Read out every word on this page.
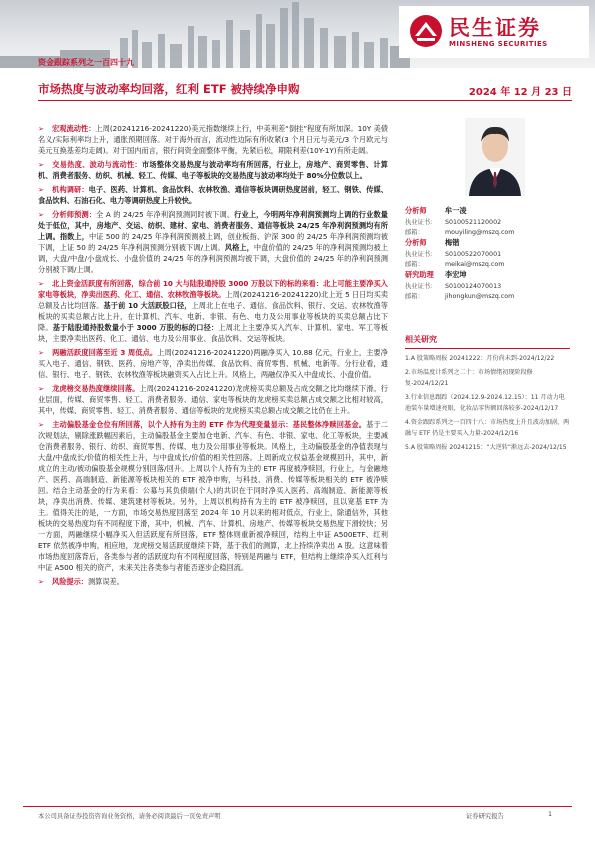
民生证券
MINSHENG SECURITIES
资金跟踪系列之一百四十九
市场热度与波动率均回落，红利 ETF 被持续净申购	2024 年 12 月 23 日
➢ 宏观流动性：上周(20241216-20241220)美元指数继续上行，中美利差“倒挂”程度有所加深。10Y 美债名义/实际利率均上升，通胀预期回落。对于海外而言，流动性边际有所收紧(3 个月日元与美元/3 个月欧元与美元互换基差均走阔)。对于国内而言，银行间资金面整体平衡，先紧后松，期限利差(10Y-1Y)有所走阔。
➢ 交易热度、波动与流动性：市场整体交易热度与波动率均有所回落，行业上，房地产、商贸零售、计算机、消费者服务、纺织、机械、轻工、传媒、电子等板块的交易热度与波动率均处于 80%分位数以上。
➢ 机构调研：电子、医药、计算机、食品饮料、农林牧渔、通信等板块调研热度居前，轻工、钢铁、传媒、食品饮料、石油石化、电力等调研热度上升较快。
➢ 分析师预测：全 A 的 24/25 年净利润预测同时被下调。行业上，今明两年净利润预测均上调的行业数量处于低位，其中，房地产、交运、纺织、建材、家电、消费者服务、通信等板块 24/25 年净利润预测均有所上调。指数上，中证 500 的 24/25 年净利润预测被上调，创业板指、沪深 300 的 24/25 年净利润预测均被下调，上证 50 的 24/25 年净利润预测分别被下调/上调。风格上，中盘价值的 24/25 年的净利润预测均被上调，大盘/中盘/小盘成长、小盘价值的 24/25 年的净利润预测均被下调，大盘价值的 24/25 年的净利润预测分别被下调/上调。
➢ 北上资金活跃度有所回落，综合前 10 大与陆股通持股 3000 万股以下的标的来看：北上可能主要净买入家电等板块，净卖出医药、化工、通信、农林牧渔等板块。上周(20241216-20241220)北上近 5 日日均买卖总额及占比均回落。基于前 10 大活跃股口径，上周北上在电子、通信、食品饮料、银行、交运、农林牧渔等板块的买卖总额占比上升，在计算机、汽车、电新、非银、有色、电力及公用事业等板块的买卖总额占比下降。基于陆股通持股数量小于 3000 万股的标的口径：上周北上主要净买入汽车、计算机、家电、军工等板块，主要净卖出医药、化工、通信、电力及公用事业、食品饮料、交运等板块。
➢ 两融活跃度回落至近 3 周低点。上周(20241216-20241220)两融净买入 10.88 亿元，行业上，主要净买入电子、通信、钢铁、医药、房地产等，净卖出传媒、食品饮料、商贸零售、机械、电新等。分行业看，通信、银行、电子、钢铁、农林牧渔等板块融资买入占比上升。风格上，两融仅净买入中盘成长、小盘价值。
➢ 龙虎榜交易热度继续回落。上周(20241216-20241220)龙虎榜买卖总额及占成交额之比均继续下滑。行业层面，传媒、商贸零售、轻工、消费者服务、通信、家电等板块的龙虎榜买卖总额占成交额之比相对较高，其中，传媒、商贸零售、轻工、消费者服务、通信等板块的龙虎榜买卖总额占成交额之比仍在上升。
➢ 主动偏股基金仓位有所回落，以个人持有为主的 ETF 作为代理变量显示：基民整体净赎回基金。基于二次规划法，剔除涨跌幅因素后，主动偏股基金主要加仓电新、汽车、有色、非银、家电、化工等板块，主要减仓消费者服务、银行、纺织、商贸零售、传媒、电力及公用事业等板块。风格上，主动偏股基金的净值表现与大盘/中盘成长/价值的相关性上升，与中盘成长/价值的相关性回落。上周新成立权益基金规模回升，其中，新成立的主动/被动偏股基金规模分别回落/回升。上周以个人持有为主的 ETF 再度被净赎回，行业上，与金融地产、医药、高端制造、新能源等板块相关的 ETF 被净申购，与科技、消费、传媒等板块相关的 ETF 被净赎回。结合主动基金的行为来看：公募与其负债端(个人)的共识在于同时净买入医药、高端制造、新能源等板块，净卖出消费、传媒、建筑建材等板块。另外，上周以机构持有为主的 ETF 被净赎回，且以宽基 ETF 为主。值得关注的是，一方面，市场交易热度回落至 2024 年 10 月以来的相对低点，行业上，除通信外，其他板块的交易热度均有不同程度下滑，其中，机械、汽车、计算机、房地产、传媒等板块交易热度下滑较快；另一方面，两融继续小幅净买入但活跃度有所回落，ETF 整体则重新被净赎回，结构上中证 A500ETF、红利 ETF 依然被净申购，相应地，龙虎榜交易活跃度继续下降，基于我们的测算，北上持续净卖出 A 股。这意味着市场热度回落背后，各类参与者的活跃度均有不同程度回落，特别是两融与 ETF，但结构上继续净买入红利与中证 A500 相关的资产，未来关注各类参与者能否逐步企稳回流。
➢ 风险提示：测算误差。
分析师	牟一凌
执业证书：	S0100521120002
邮箱：	mouyiling@mszq.com
分析师	梅锴
执业证书：	S0100522070001
邮箱：	meikai@mszq.com
研究助理	李宏坤
执业证书：	S0100124070013
邮箱：	jihongkun@mszq.com
相关研究
1.A 股策略周报 20241222：月份尚未到-2024/12/22
2.市场温度计系列之二十：市场情绪初现阶段修复-2024/12/21
3.行业信息跟踪（2024.12.9-2024.12.15）：11 月动力电池装车量增速亮眼，化妆品零售额回落较多-2024/12/17
4.资金跟踪系列之一百四十八：市场热度上升且波动加剧，两融与 ETF 仍是主要买入力量-2024/12/16
5.A 股策略周报 20241215：“大逆转”渐远去-2024/12/15
本公司具备证券投资咨询业务资格，请务必阅读最后一页免责声明	证券研究报告	1
